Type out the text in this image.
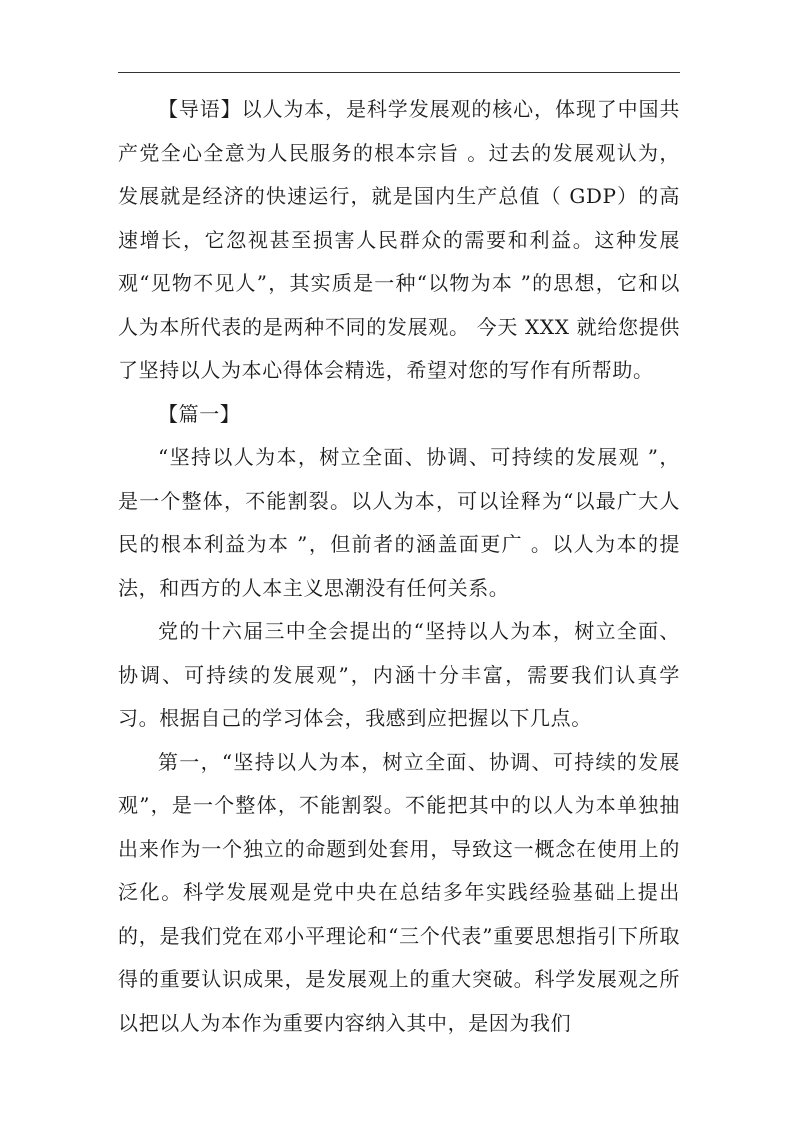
【导语】以人为本，是科学发展观的核心，体现了中国共产党全心全意为人民服务的根本宗旨 。过去的发展观认为，发展就是经济的快速运行，就是国内生产总值（ GDP）的高速增长，它忽视甚至损害人民群众的需要和利益。这种发展观“见物不见人”，其实质是一种“以物为本 ”的思想，它和以人为本所代表的是两种不同的发展观。 今天 XXX 就给您提供了坚持以人为本心得体会精选，希望对您的写作有所帮助。

【篇一】

“坚持以人为本，树立全面、协调、可持续的发展观 ”，是一个整体，不能割裂。以人为本，可以诠释为“以最广大人民的根本利益为本 ”，但前者的涵盖面更广 。以人为本的提法，和西方的人本主义思潮没有任何关系。

党的十六届三中全会提出的“坚持以人为本，树立全面、协调、可持续的发展观”，内涵十分丰富，需要我们认真学习。根据自己的学习体会，我感到应把握以下几点。

第一，“坚持以人为本，树立全面、协调、可持续的发展观”，是一个整体，不能割裂。不能把其中的以人为本单独抽出来作为一个独立的命题到处套用，导致这一概念在使用上的泛化。科学发展观是党中央在总结多年实践经验基础上提出的，是我们党在邓小平理论和“三个代表”重要思想指引下所取得的重要认识成果，是发展观上的重大突破。科学发展观之所以把以人为本作为重要内容纳入其中，是因为我们
